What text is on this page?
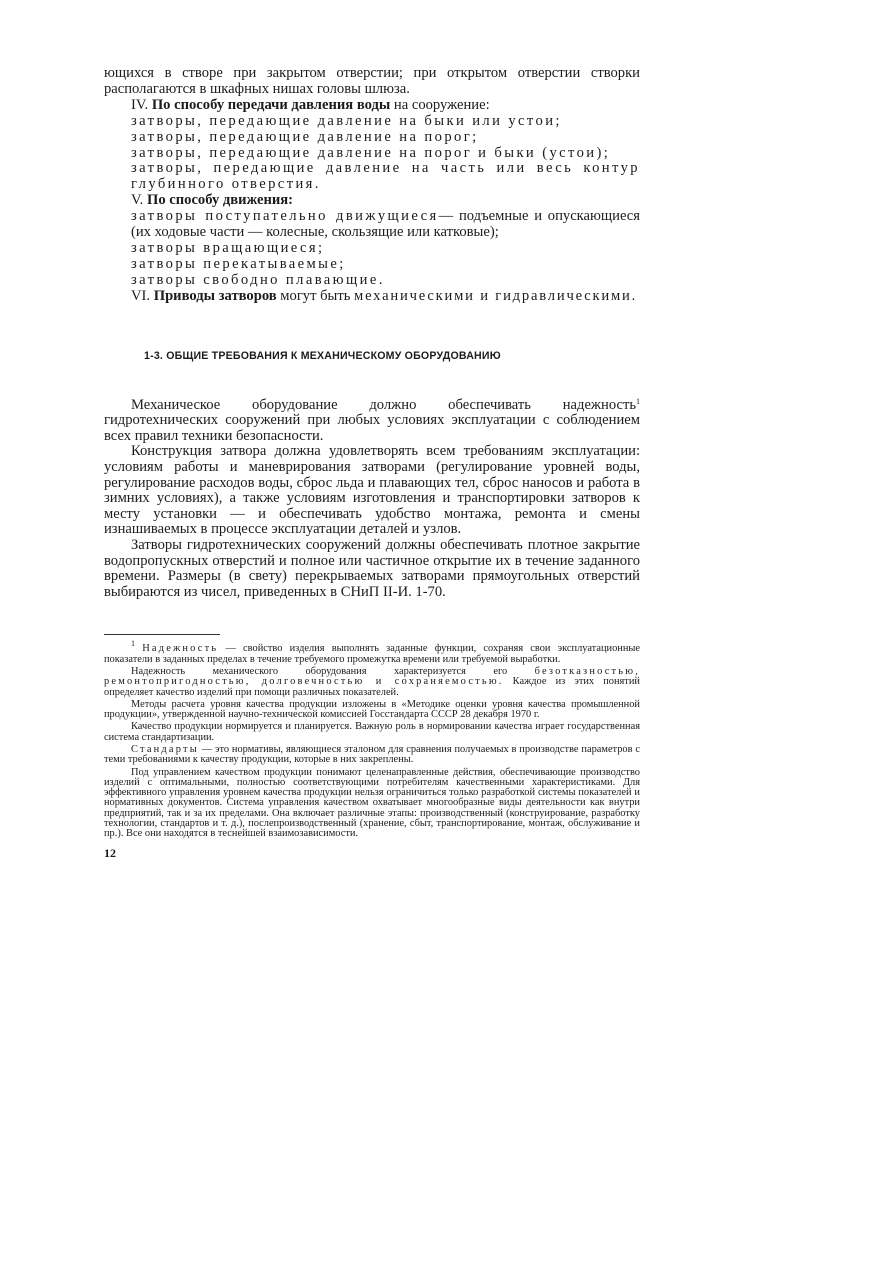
ющихся в створе при закрытом отверстии; при открытом отверстии створки располагаются в шкафных нишах головы шлюза.

IV. По способу передачи давления воды на сооружение:

затворы, передающие давление на быки или устои;

затворы, передающие давление на порог;

затворы, передающие давление на порог и быки (устои);

затворы, передающие давление на часть или весь контур глубинного отверстия.

V. По способу движения:

затворы поступательно движущиеся— подъемные и опускающиеся (их ходовые части — колесные, скользящие или катковые);

затворы вращающиеся;

затворы перекатываемые;

затворы свободно плавающие.

VI. Приводы затворов могут быть механическими и гидравлическими.

1-3. ОБЩИЕ ТРЕБОВАНИЯ К МЕХАНИЧЕСКОМУ ОБОРУДОВАНИЮ

Механическое оборудование должно обеспечивать надежность$^1$ гидротехнических сооружений при любых условиях эксплуатации с соблюдением всех правил техники безопасности.

Конструкция затвора должна удовлетворять всем требованиям эксплуатации: условиям работы и маневрирования затворами (регулирование уровней воды, регулирование расходов воды, сброс льда и плавающих тел, сброс наносов и работа в зимних условиях), а также условиям изготовления и транспортировки затворов к месту установки — и обеспечивать удобство монтажа, ремонта и смены изнашиваемых в процессе эксплуатации деталей и узлов.

Затворы гидротехнических сооружений должны обеспечивать плотное закрытие водопропускных отверстий и полное или частичное открытие их в течение заданного времени. Размеры (в свету) перекрываемых затворами прямоугольных отверстий выбираются из чисел, приведенных в СНиП II-И. 1-70.

$^1$ Надежность — свойство изделия выполнять заданные функции, сохраняя свои эксплуатационные показатели в заданных пределах в течение требуемого промежутка времени или требуемой выработки.

Надежность механического оборудования характеризуется его безотказностью, ремонтопригодностью, долговечностью и сохраняемостью. Каждое из этих понятий определяет качество изделий при помощи различных показателей.

Методы расчета уровня качества продукции изложены в «Методике оценки уровня качества промышленной продукции», утвержденной научно-технической комиссией Госстандарта СССР 28 декабря 1970 г.

Качество продукции нормируется и планируется. Важную роль в нормировании качества играет государственная система стандартизации.

Стандарты — это нормативы, являющиеся эталоном для сравнения получаемых в производстве параметров с теми требованиями к качеству продукции, которые в них закреплены.

Под управлением качеством продукции понимают целенаправленные действия, обеспечивающие производство изделий с оптимальными, полностью соответствующими потребителям качественными характеристиками. Для эффективного управления уровнем качества продукции нельзя ограничиться только разработкой системы показателей и нормативных документов. Система управления качеством охватывает многообразные виды деятельности как внутри предприятий, так и за их пределами. Она включает различные этапы: производственный (конструирование, разработку технологии, стандартов и т. д.), послепроизводственный (хранение, сбыт, транспортирование, монтаж, обслуживание и пр.). Все они находятся в теснейшей взаимозависимости.

12
